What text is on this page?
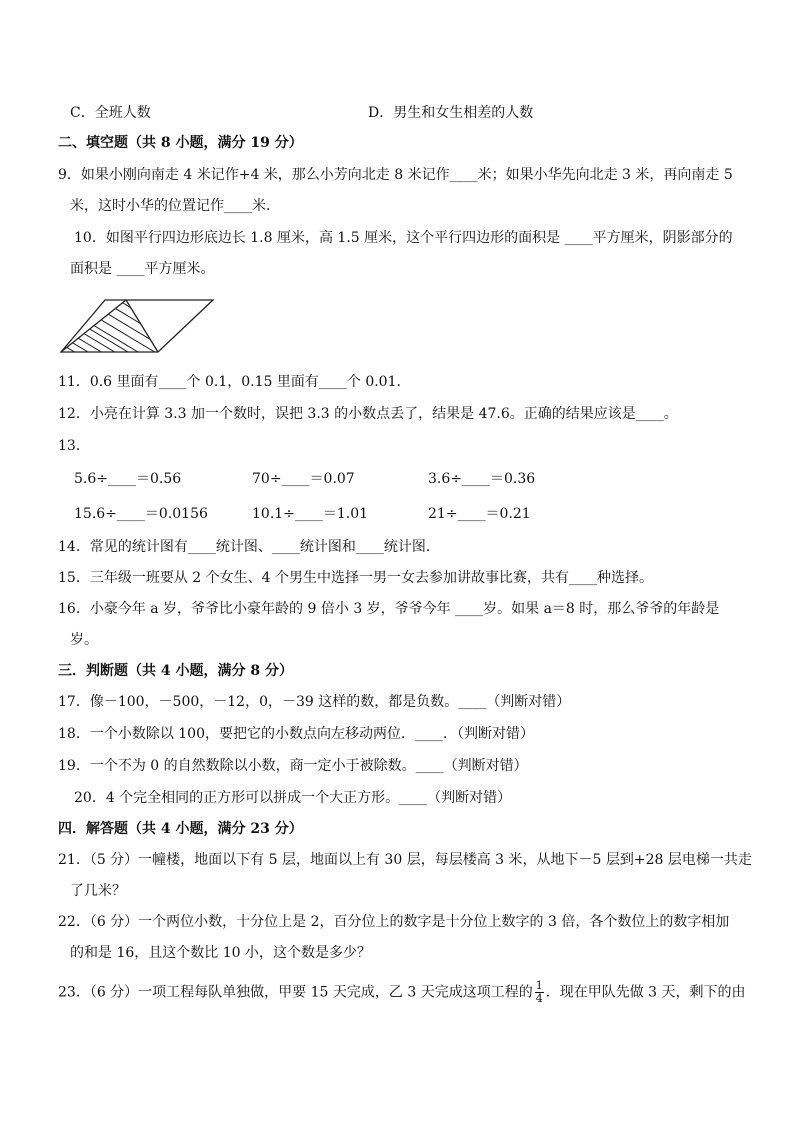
C．全班人数	D．男生和女生相差的人数
二、填空题（共 8 小题，满分 19 分）
9．如果小刚向南走 4 米记作+4 米，那么小芳向北走 8 米记作____米；如果小华先向北走 3 米，再向南走 5
米，这时小华的位置记作____米．
10．如图平行四边形底边长 1.8 厘米，高 1.5 厘米，这个平行四边形的面积是 ____平方厘米，阴影部分的
面积是 ____平方厘米。
11．0.6 里面有____个 0.1，0.15 里面有____个 0.01．
12．小亮在计算 3.3 加一个数时，误把 3.3 的小数点丢了，结果是 47.6。正确的结果应该是____。
13．
5.6÷____＝0.56	70÷____＝0.07	3.6÷____＝0.36
15.6÷____＝0.0156	10.1÷____＝1.01	21÷____＝0.21
14．常见的统计图有____统计图、____统计图和____统计图．
15．三年级一班要从 2 个女生、4 个男生中选择一男一女去参加讲故事比赛，共有____种选择。
16．小豪今年 a 岁，爷爷比小豪年龄的 9 倍小 3 岁，爷爷今年 ____岁。如果 a＝8 时，那么爷爷的年龄是
岁。
三．判断题（共 4 小题，满分 8 分）
17．像－100，－500，－12，0，－39 这样的数，都是负数。____（判断对错）
18．一个小数除以 100，要把它的小数点向左移动两位．____．（判断对错）
19．一个不为 0 的自然数除以小数，商一定小于被除数。____（判断对错）
20．4 个完全相同的正方形可以拼成一个大正方形。____（判断对错）
四．解答题（共 4 小题，满分 23 分）
21．（5 分）一幢楼，地面以下有 5 层，地面以上有 30 层，每层楼高 3 米，从地下－5 层到+28 层电梯一共走
了几米？
22．（6 分）一个两位小数，十分位上是 2，百分位上的数字是十分位上数字的 3 倍，各个数位上的数字相加
的和是 16，且这个数比 10 小，这个数是多少？
23．（6 分）一项工程每队单独做，甲要 15 天完成，乙 3 天完成这项工程的 $\frac{1}{4}$ ．现在甲队先做 3 天，剩下的由
